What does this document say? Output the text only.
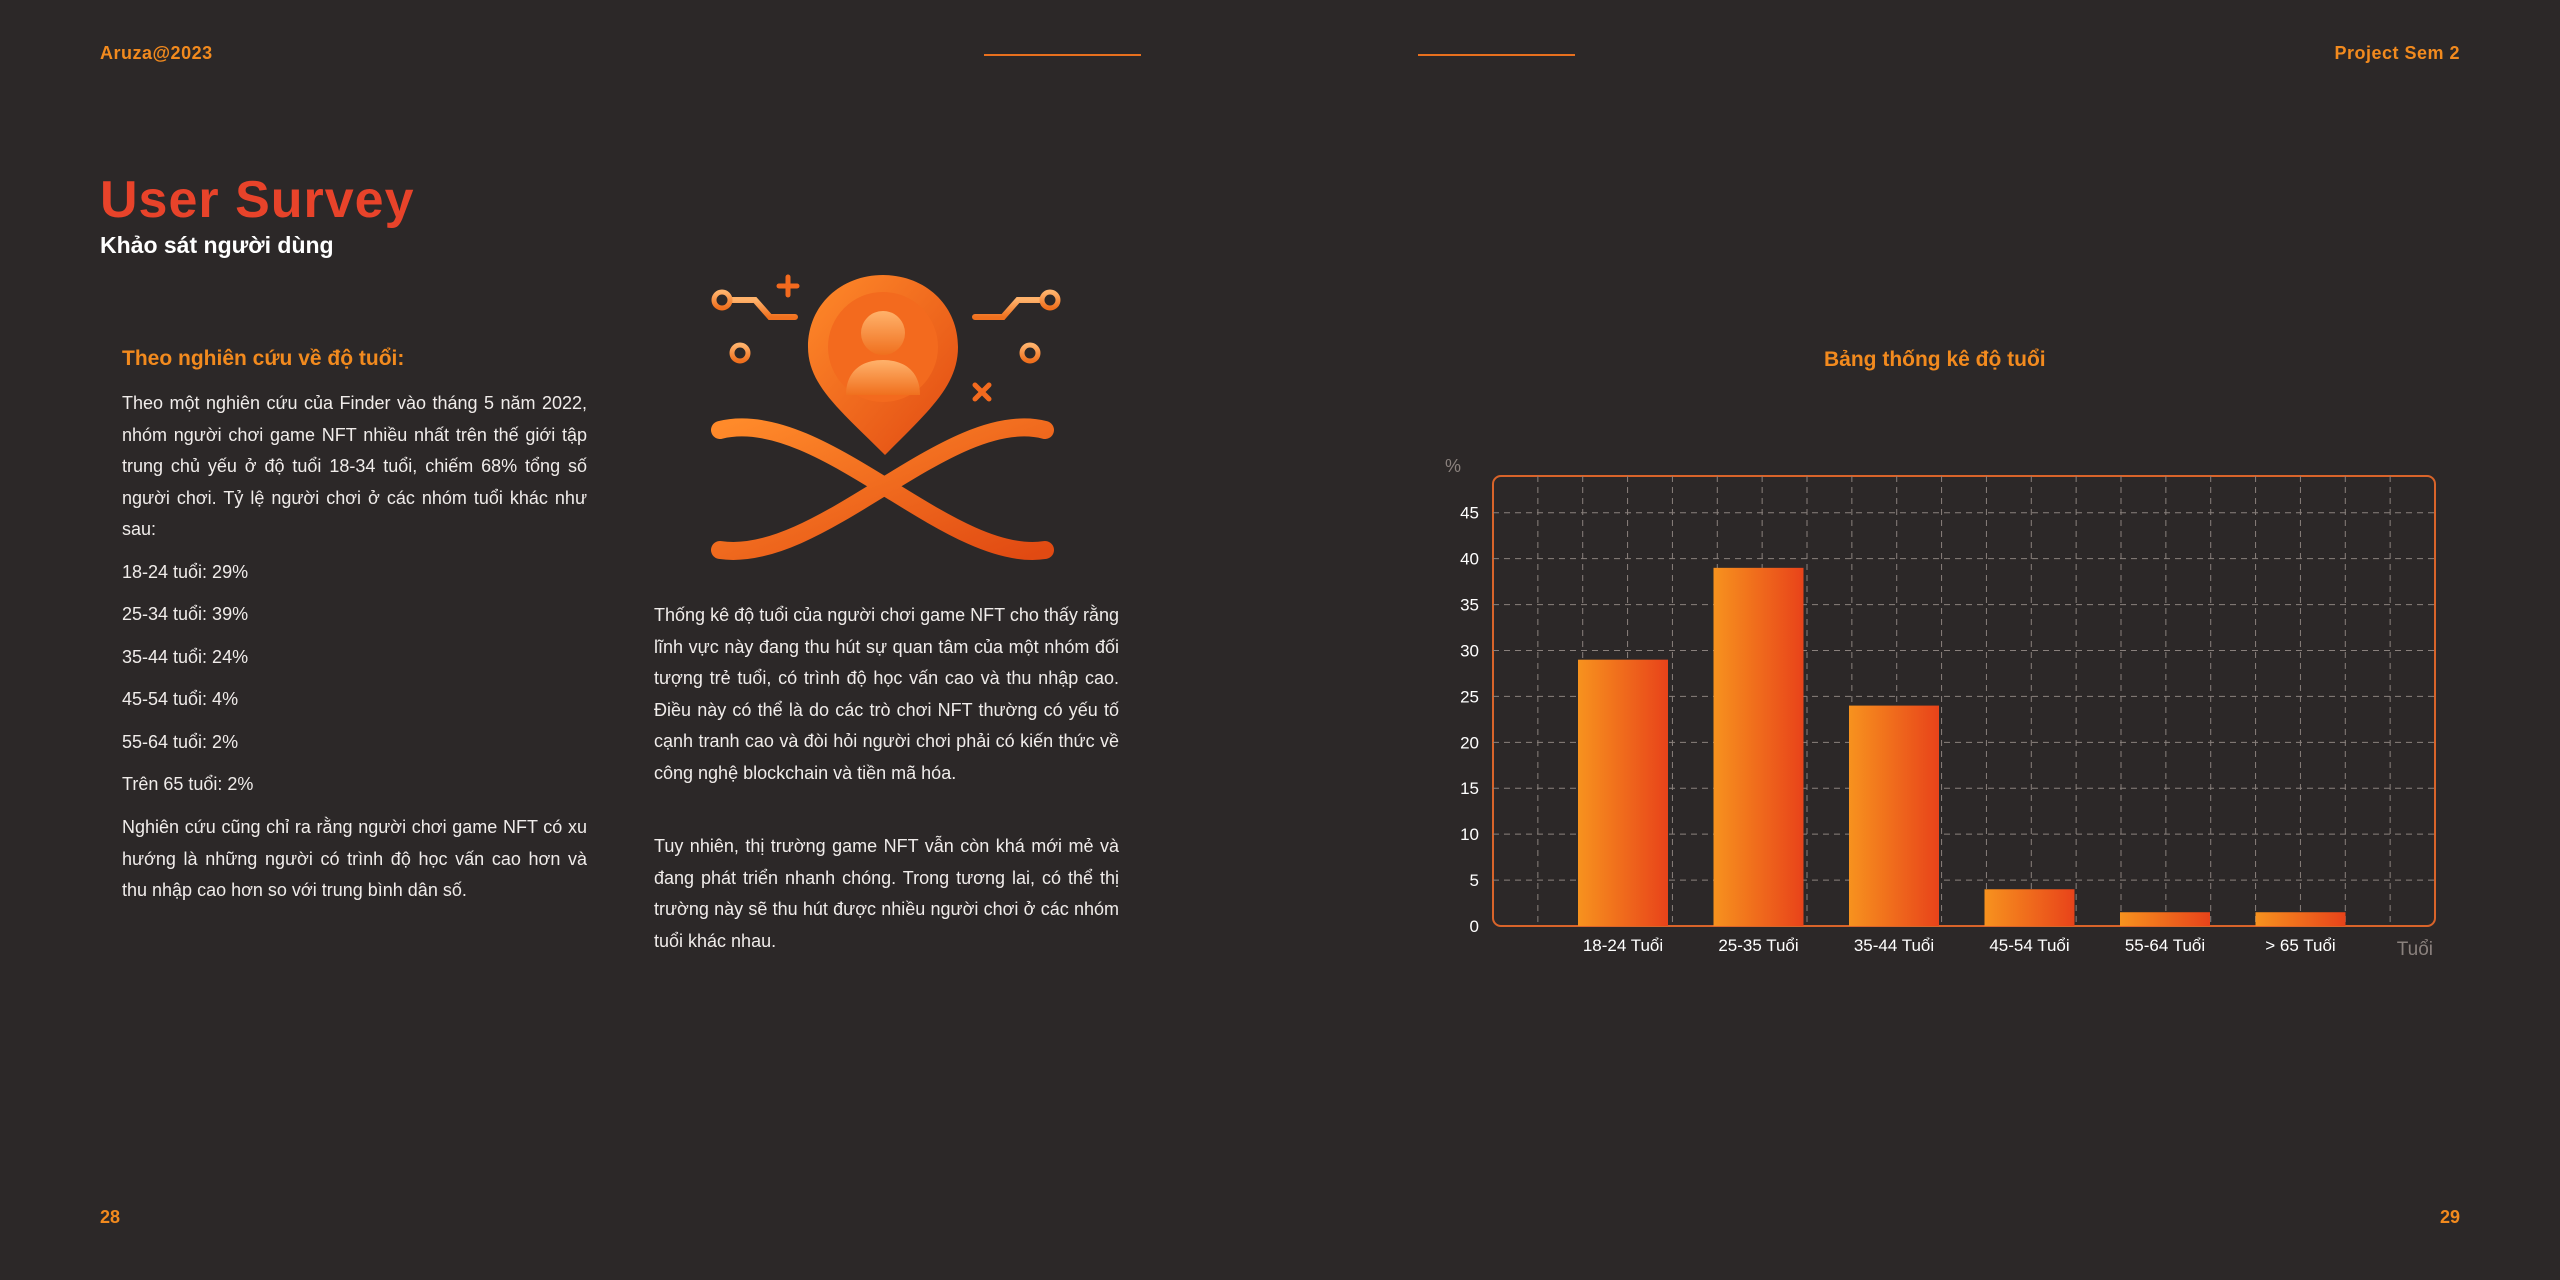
Aruza@2023	Project Sem 2
User Survey
Khảo sát người dùng
Theo nghiên cứu về độ tuổi:

Theo một nghiên cứu của Finder vào tháng 5 năm 2022, nhóm người chơi game NFT nhiều nhất trên thế giới tập trung chủ yếu ở độ tuổi 18-34 tuổi, chiếm 68% tổng số người chơi. Tỷ lệ người chơi ở các nhóm tuổi khác như sau:

18-24 tuổi: 29%
25-34 tuổi: 39%
35-44 tuổi: 24%
45-54 tuổi: 4%
55-64 tuổi: 2%
Trên 65 tuổi: 2%

Nghiên cứu cũng chỉ ra rằng người chơi game NFT có xu hướng là những người có trình độ học vấn cao hơn và thu nhập cao hơn so với trung bình dân số.

Thống kê độ tuổi của người chơi game NFT cho thấy rằng lĩnh vực này đang thu hút sự quan tâm của một nhóm đối tượng trẻ tuổi, có trình độ học vấn cao và thu nhập cao. Điều này có thể là do các trò chơi NFT thường có yếu tố cạnh tranh cao và đòi hỏi người chơi phải có kiến thức về công nghệ blockchain và tiền mã hóa.

Tuy nhiên, thị trường game NFT vẫn còn khá mới mẻ và đang phát triển nhanh chóng. Trong tương lai, có thể thị trường này sẽ thu hút được nhiều người chơi ở các nhóm tuổi khác nhau.

Bảng thống kê độ tuổi
0
5
10
15
20
25
30
35
40
45
18-24 Tuổi	25-35 Tuổi	35-44 Tuổi	45-54 Tuổi	55-64 Tuổi	> 65 Tuổi
%
Tuổi
28	29
